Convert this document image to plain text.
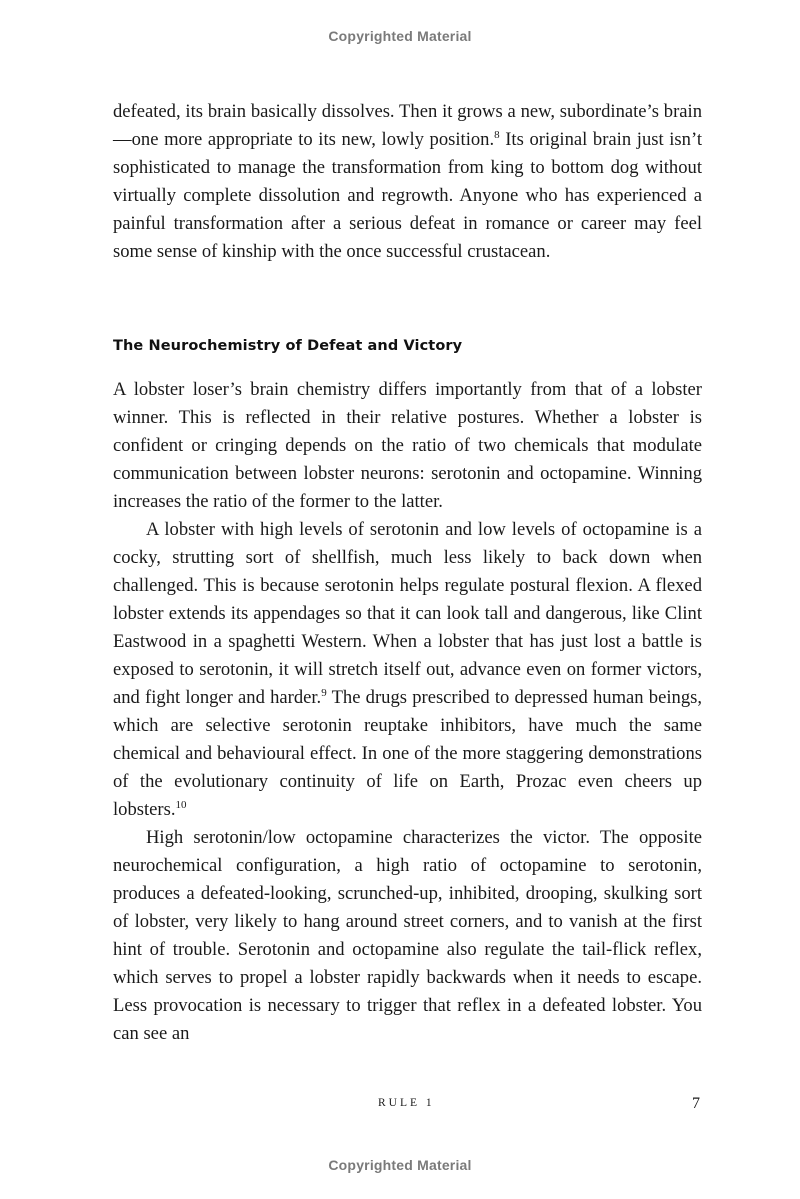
Copyrighted Material

defeated, its brain basically dissolves. Then it grows a new, subordinate’s brain—one more appropriate to its new, lowly position.$^8$ Its original brain just isn’t sophisticated to manage the transformation from king to bottom dog without virtually complete dissolution and regrowth. Anyone who has experienced a painful transformation after a serious defeat in romance or career may feel some sense of kinship with the once successful crustacean.

The Neurochemistry of Defeat and Victory

A lobster loser’s brain chemistry differs importantly from that of a lobster winner. This is reflected in their relative postures. Whether a lobster is confident or cringing depends on the ratio of two chemicals that modulate communication between lobster neurons: serotonin and octopamine. Winning increases the ratio of the former to the latter.

A lobster with high levels of serotonin and low levels of octopamine is a cocky, strutting sort of shellfish, much less likely to back down when challenged. This is because serotonin helps regulate postural flexion. A flexed lobster extends its appendages so that it can look tall and dangerous, like Clint Eastwood in a spaghetti Western. When a lobster that has just lost a battle is exposed to serotonin, it will stretch itself out, advance even on former victors, and fight longer and harder.$^9$ The drugs prescribed to depressed human beings, which are selective serotonin reuptake inhibitors, have much the same chemical and behavioural effect. In one of the more staggering demonstrations of the evolutionary continuity of life on Earth, Prozac even cheers up lobsters.$^{10}$

High serotonin/low octopamine characterizes the victor. The opposite neurochemical configuration, a high ratio of octopamine to serotonin, produces a defeated-looking, scrunched-up, inhibited, drooping, skulking sort of lobster, very likely to hang around street corners, and to vanish at the first hint of trouble. Serotonin and octopamine also regulate the tail-flick reflex, which serves to propel a lobster rapidly backwards when it needs to escape. Less provocation is necessary to trigger that reflex in a defeated lobster. You can see an

RULE 1	7
Copyrighted Material
